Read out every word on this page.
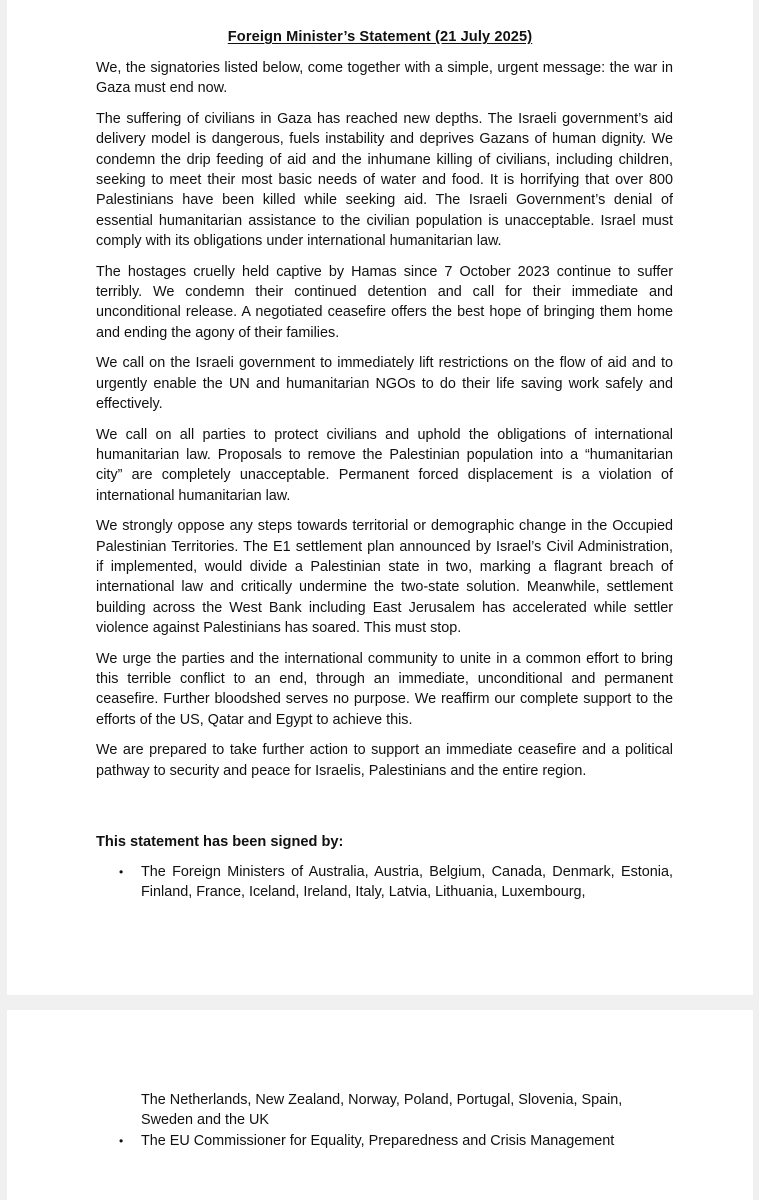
Foreign Minister’s Statement (21 July 2025)

We, the signatories listed below, come together with a simple, urgent message: the war in Gaza must end now.

The suffering of civilians in Gaza has reached new depths. The Israeli government’s aid delivery model is dangerous, fuels instability and deprives Gazans of human dignity. We condemn the drip feeding of aid and the inhumane killing of civilians, including children, seeking to meet their most basic needs of water and food. It is horrifying that over 800 Palestinians have been killed while seeking aid. The Israeli Government’s denial of essential humanitarian assistance to the civilian population is unacceptable. Israel must comply with its obligations under international humanitarian law.

The hostages cruelly held captive by Hamas since 7 October 2023 continue to suffer terribly. We condemn their continued detention and call for their immediate and unconditional release. A negotiated ceasefire offers the best hope of bringing them home and ending the agony of their families.

We call on the Israeli government to immediately lift restrictions on the flow of aid and to urgently enable the UN and humanitarian NGOs to do their life saving work safely and effectively.

We call on all parties to protect civilians and uphold the obligations of international humanitarian law. Proposals to remove the Palestinian population into a “humanitarian city” are completely unacceptable. Permanent forced displacement is a violation of international humanitarian law.

We strongly oppose any steps towards territorial or demographic change in the Occupied Palestinian Territories. The E1 settlement plan announced by Israel’s Civil Administration, if implemented, would divide a Palestinian state in two, marking a flagrant breach of international law and critically undermine the two-state solution. Meanwhile, settlement building across the West Bank including East Jerusalem has accelerated while settler violence against Palestinians has soared. This must stop.

We urge the parties and the international community to unite in a common effort to bring this terrible conflict to an end, through an immediate, unconditional and permanent ceasefire. Further bloodshed serves no purpose. We reaffirm our complete support to the efforts of the US, Qatar and Egypt to achieve this.

We are prepared to take further action to support an immediate ceasefire and a political pathway to security and peace for Israelis, Palestinians and the entire region.

This statement has been signed by:
• The Foreign Ministers of Australia, Austria, Belgium, Canada, Denmark, Estonia, Finland, France, Iceland, Ireland, Italy, Latvia, Lithuania, Luxembourg,
The Netherlands, New Zealand, Norway, Poland, Portugal, Slovenia, Spain, Sweden and the UK
• The EU Commissioner for Equality, Preparedness and Crisis Management
